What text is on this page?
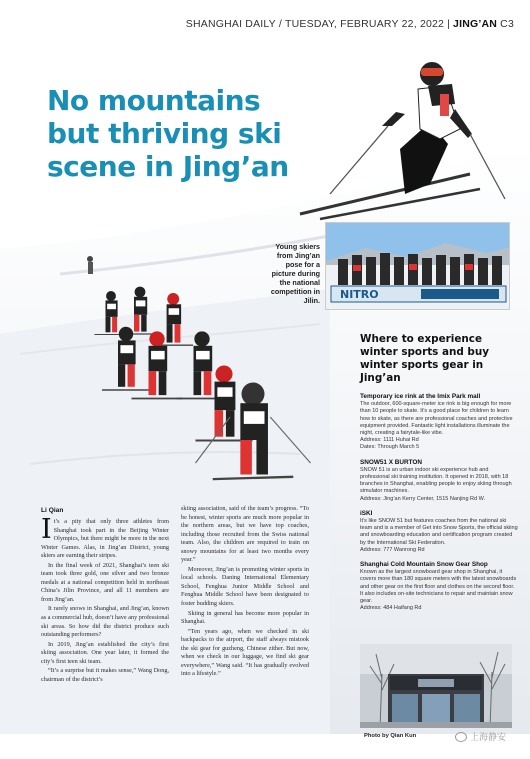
SHANGHAI DAILY / TUESDAY, FEBRUARY 22, 2022 | JING’AN C3
No mountains
but thriving ski
scene in Jing’an
Young skiers from Jing’an pose for a picture during the national competition in Jilin. NITRO
Li Qian

It’s a pity that only three athletes from Shanghai took part in the Beijing Winter Olympics, but there might be more in the next Winter Games. Alas, in Jing’an District, young skiers are earning their stripes.

In the final week of 2021, Shanghai’s teen ski team took three gold, one silver and two bronze medals at a national competition held in northeast China’s Jilin Province, and all 11 members are from Jing’an.

It rarely snows in Shanghai, and Jing’an, known as a commercial hub, doesn’t have any professional ski areas. So how did the district produce such outstanding performers?

In 2019, Jing’an established the city’s first skiing association. One year later, it formed the city’s first teen ski team.

“It’s a surprise but it makes sense,” Wang Dong, chairman of the district’s

skiing association, said of the team’s progress. “To be honest, winter sports are much more popular in the northern areas, but we have top coaches, including those recruited from the Swiss national team. Also, the children are required to train on snowy mountains for at least two months every year.”

Moreover, Jing’an is promoting winter sports in local schools. Daning International Elementary School, Fenghua Junior Middle School and Fenghua Middle School have been designated to foster budding skiers.

Skiing in general has become more popular in Shanghai.

“Ten years ago, when we checked in ski backpacks to the airport, the staff always mistook the ski gear for guzheng, Chinese zither. But now, when we check in our luggage, we find ski gear everywhere,” Wang said. “It has gradually evolved into a lifestyle.”

Where to experience winter sports and buy winter sports gear in Jing’an
Temporary ice rink at the Imix Park mall

The outdoor, 600-square-meter ice rink is big enough for more than 10 people to skate. It’s a good place for children to learn how to skate, as there are professional coaches and protective equipment provided. Fantastic light installations illuminate the night, creating a fairytale-like vibe.

Address: 1111 Huhai Rd

Dates: Through March 5

SNOW51 X BURTON

SNOW 51 is an urban indoor ski experience hub and professional ski training institution. It opened in 2018, with 18 branches in Shanghai, enabling people to enjoy skiing through simulator machines.

Address: Jing’an Kerry Center, 1515 Nanjing Rd W.

iSKI

It’s like SNOW 51 but features coaches from the national ski team and is a member of Get into Snow Sports, the official skiing and snowboarding education and certification program created by the International Ski Federation.

Address: 777 Wanrong Rd

Shanghai Cold Mountain Snow Gear Shop

Known as the largest snowboard gear shop in Shanghai, it covers more than 180 square meters with the latest snowboards and other gear on the first floor and clothes on the second floor. It also includes on-site technicians to repair and maintain snow gear.

Address: 484 Haifang Rd

Photo by Qian Kun	上海静安
